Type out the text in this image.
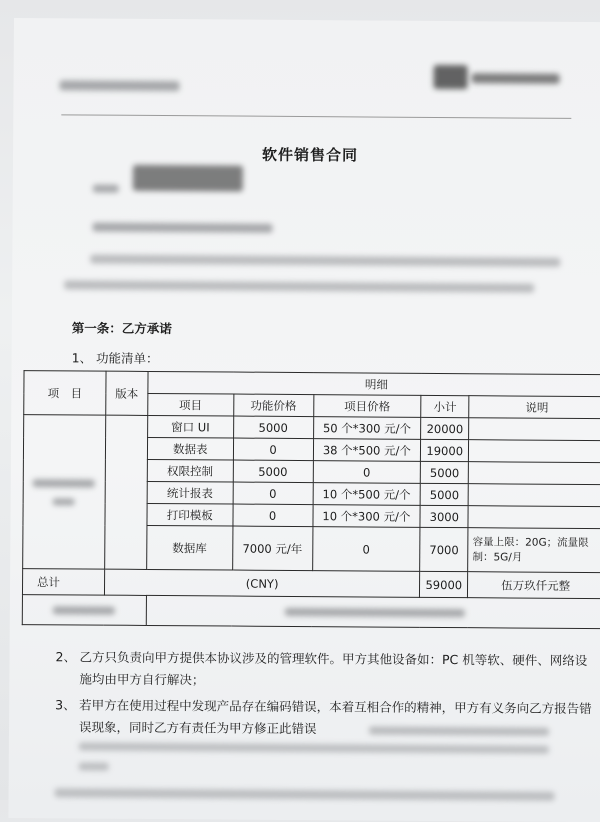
软件销售合同
第一条：乙方承诺
1、 功能清单：
项　目	版本	明细				
		项目	功能价格	项目价格	小计	说明

		窗口 UI	5000	50 个*300 元/个	20000	
		数据表	0	38 个*500 元/个	19000	
		权限控制	5000	0	5000	
		统计报表	0	10 个*500 元/个	5000	
		打印模板	0	10 个*300 元/个	3000	
		数据库	7000 元/年	0	7000	容量上限：20G；流量限制：5G/月
总计	(CNY)				59000	伍万玖仟元整

2、 乙方只负责向甲方提供本协议涉及的管理软件。甲方其他设备如：PC 机等软、硬件、网络设施均由甲方自行解决；
3、 若甲方在使用过程中发现产品存在编码错误，本着互相合作的精神，甲方有义务向乙方报告错误现象，同时乙方有责任为甲方修正此错误
